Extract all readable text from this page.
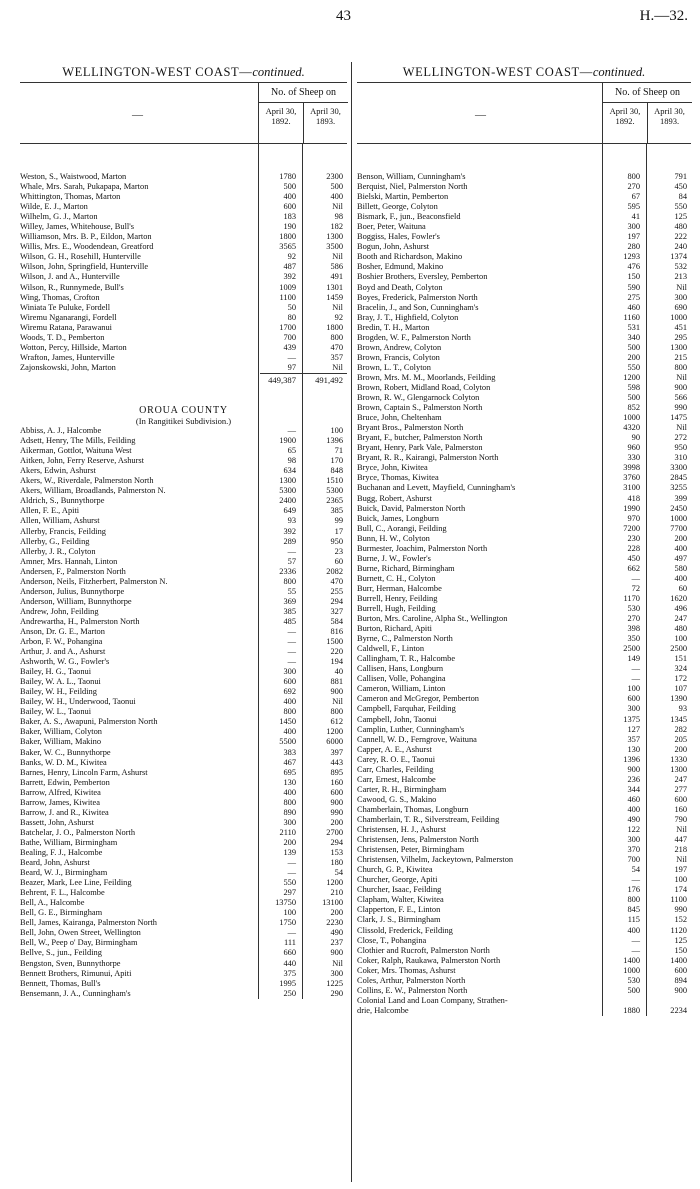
43	H.—32.
WELLINGTON-WEST COAST—continued.
—
No. of Sheep on
April 30, 1892.
April 30, 1893.
Weston, S., Waistwood, Marton	1780	2300
Whale, Mrs. Sarah, Pukapapa, Marton	500	500
Whittington, Thomas, Marton	400	400
Wilde, E. J., Marton	600	Nil
Wilhelm, G. J., Marton	183	98
Willey, James, Whitehouse, Bull's	190	182
Williamson, Mrs. B. P., Eildon, Marton	1800	1300
Willis, Mrs. E., Woodendean, Greatford	3565	3500
Wilson, G. H., Rosehill, Hunterville	92	Nil
Wilson, John, Springfield, Hunterville	487	586
Wilson, J. and A., Hunterville	392	491
Wilson, R., Runnymede, Bull's	1009	1301
Wing, Thomas, Crofton	1100	1459
Winiata Te Puluke, Fordell	50	Nil
Wiremu Nganarangi, Fordell	80	92
Wiremu Ratana, Parawanui	1700	1800
Woods, T. D., Pemberton	700	800
Wotton, Percy, Hillside, Marton	439	470
Wrafton, James, Hunterville	—	357
Zajonskowski, John, Marton	97	Nil
449,387	491,492
OROUA COUNTY
(In Rangitikei Subdivision.)
Abbiss, A. J., Halcombe	—	100
Adsett, Henry, The Mills, Feilding	1900	1396
Aikerman, Gottlot, Waituna West	65	71
Aitken, John, Ferry Reserve, Ashurst	98	170
Akers, Edwin, Ashurst	634	848
Akers, W., Riverdale, Palmerston North	1300	1510
Akers, William, Broadlands, Palmerston N.	5300	5300
Aldrich, S., Bunnythorpe	2400	2365
Allen, F. E., Apiti	649	385
Allen, William, Ashurst	93	99
Allerby, Francis, Feilding	392	17
Allerby, G., Feilding	289	950
Allerby, J. R., Colyton	—	23
Amner, Mrs. Hannah, Linton	57	60
Andersen, F., Palmerston North	2336	2082
Anderson, Neils, Fitzherbert, Palmerston N.	800	470
Anderson, Julius, Bunnythorpe	55	255
Anderson, William, Bunnythorpe	369	294
Andrew, John, Feilding	385	327
Andrewartha, H., Palmerston North	485	584
Anson, Dr. G. E., Marton	—	816
Arbon, F. W., Pohangina	—	1500
Arthur, J. and A., Ashurst	—	220
Ashworth, W. G., Fowler's	—	194
Bailey, H. G., Taonui	300	40
Bailey, W. A. L., Taonui	600	881
Bailey, W. H., Feilding	692	900
Bailey, W. H., Underwood, Taonui	400	Nil
Bailey, W. L., Taonui	800	800
Baker, A. S., Awapuni, Palmerston North	1450	612
Baker, William, Colyton	400	1200
Baker, William, Makino	5500	6000
Baker, W. C., Bunnythorpe	383	397
Banks, W. D. M., Kiwitea	467	443
Barnes, Henry, Lincoln Farm, Ashurst	695	895
Barrett, Edwin, Pemberton	130	160
Barrow, Alfred, Kiwitea	400	600
Barrow, James, Kiwitea	800	900
Barrow, J. and R., Kiwitea	890	990
Bassett, John, Ashurst	300	200
Batchelar, J. O., Palmerston North	2110	2700
Bathe, William, Birmingham	200	294
Bealing, F. J., Halcombe	139	153
Beard, John, Ashurst	—	180
Beard, W. J., Birmingham	—	54
Beazer, Mark, Lee Line, Feilding	550	1200
Behrent, F. L., Halcombe	297	210
Bell, A., Halcombe	13750	13100
Bell, G. E., Birmingham	100	200
Bell, James, Kairanga, Palmerston North	1750	2230
Bell, John, Owen Street, Wellington	—	490
Bell, W., Peep o' Day, Birmingham	111	237
Bellve, S., jun., Feilding	660	900
Bengston, Sven, Bunnythorpe	440	Nil
Bennett Brothers, Rimunui, Apiti	375	300
Bennett, Thomas, Bull's	1995	1225
Bensemann, J. A., Cunningham's	250	290
WELLINGTON-WEST COAST—continued.
—
No. of Sheep on
April 30, 1892.
April 30, 1893.
Benson, William, Cunningham's	800	791
Berquist, Niel, Palmerston North	270	450
Bielski, Martin, Pemberton	67	84
Billett, George, Colyton	595	550
Bismark, F., jun., Beaconsfield	41	125
Boer, Peter, Waituna	300	480
Boggiss, Hales, Fowler's	197	222
Bogun, John, Ashurst	280	240
Booth and Richardson, Makino	1293	1374
Bosher, Edmund, Makino	476	532
Boshier Brothers, Eversley, Pemberton	150	213
Boyd and Death, Colyton	590	Nil
Boyes, Frederick, Palmerston North	275	300
Bracelin, J., and Son, Cunningham's	460	690
Bray, J. T., Highfield, Colyton	1160	1000
Bredin, T. H., Marton	531	451
Brogden, W. F., Palmerston North	340	295
Brown, Andrew, Colyton	500	1300
Brown, Francis, Colyton	200	215
Brown, L. T., Colyton	550	800
Brown, Mrs. M. M., Moorlands, Feilding	1200	Nil
Brown, Robert, Midland Road, Colyton	598	900
Brown, R. W., Glengarnock Colyton	500	566
Brown, Captain S., Palmerston North	852	990
Bruce, John, Cheltenham	1000	1475
Bryant Bros., Palmerston North	4320	Nil
Bryant, F., butcher, Palmerston North	90	272
Bryant, Henry, Park Vale, Palmerston	960	950
Bryant, R. R., Kairangi, Palmerston North	330	310
Bryce, John, Kiwitea	3998	3300
Bryce, Thomas, Kiwitea	3760	2845
Buchanan and Levett, Mayfield, Cunningham's	3100	3255
Bugg, Robert, Ashurst	418	399
Buick, David, Palmerston North	1990	2450
Buick, James, Longburn	970	1000
Bull, C., Aorangi, Feilding	7200	7700
Bunn, H. W., Colyton	230	200
Burmester, Joachim, Palmerston North	228	400
Burne, J. W., Fowler's	450	497
Burne, Richard, Birmingham	662	580
Burnett, C. H., Colyton	—	400
Burr, Herman, Halcombe	72	60
Burrell, Henry, Feilding	1170	1620
Burrell, Hugh, Feilding	530	496
Burton, Mrs. Caroline, Alpha St., Wellington	270	247
Burton, Richard, Apiti	398	480
Byrne, C., Palmerston North	350	100
Caldwell, F., Linton	2500	2500
Callingham, T. R., Halcombe	149	151
Callisen, Hans, Longburn	—	324
Callisen, Volle, Pohangina	—	172
Cameron, William, Linton	100	107
Cameron and McGregor, Pemberton	600	1390
Campbell, Farquhar, Feilding	300	93
Campbell, John, Taonui	1375	1345
Camplin, Luther, Cunningham's	127	282
Cannell, W. D., Ferngrove, Waituna	357	205
Capper, A. E., Ashurst	130	200
Carey, R. O. E., Taonui	1396	1330
Carr, Charles, Feilding	900	1300
Carr, Ernest, Halcombe	236	247
Carter, R. H., Birmingham	344	277
Cawood, G. S., Makino	460	600
Chamberlain, Thomas, Longburn	400	160
Chamberlain, T. R., Silverstream, Feilding	490	790
Christensen, H. J., Ashurst	122	Nil
Christensen, Jens, Palmerston North	300	447
Christensen, Peter, Birmingham	370	218
Christensen, Vilhelm, Jackeytown, Palmerston	700	Nil
Church, G. P., Kiwitea	54	197
Churcher, George, Apiti	—	100
Churcher, Isaac, Feilding	176	174
Clapham, Walter, Kiwitea	800	1100
Clapperton, F. E., Linton	845	990
Clark, J. S., Birmingham	115	152
Clissold, Frederick, Feilding	400	1120
Close, T., Pohangina	—	125
Clothier and Rucroft, Palmerston North	—	150
Coker, Ralph, Raukawa, Palmerston North	1400	1400
Coker, Mrs. Thomas, Ashurst	1000	600
Coles, Arthur, Palmerston North	530	894
Collins, E. W., Palmerston North	500	900
Colonial Land and Loan Company, Strathen-
drie, Halcombe	1880	2234
